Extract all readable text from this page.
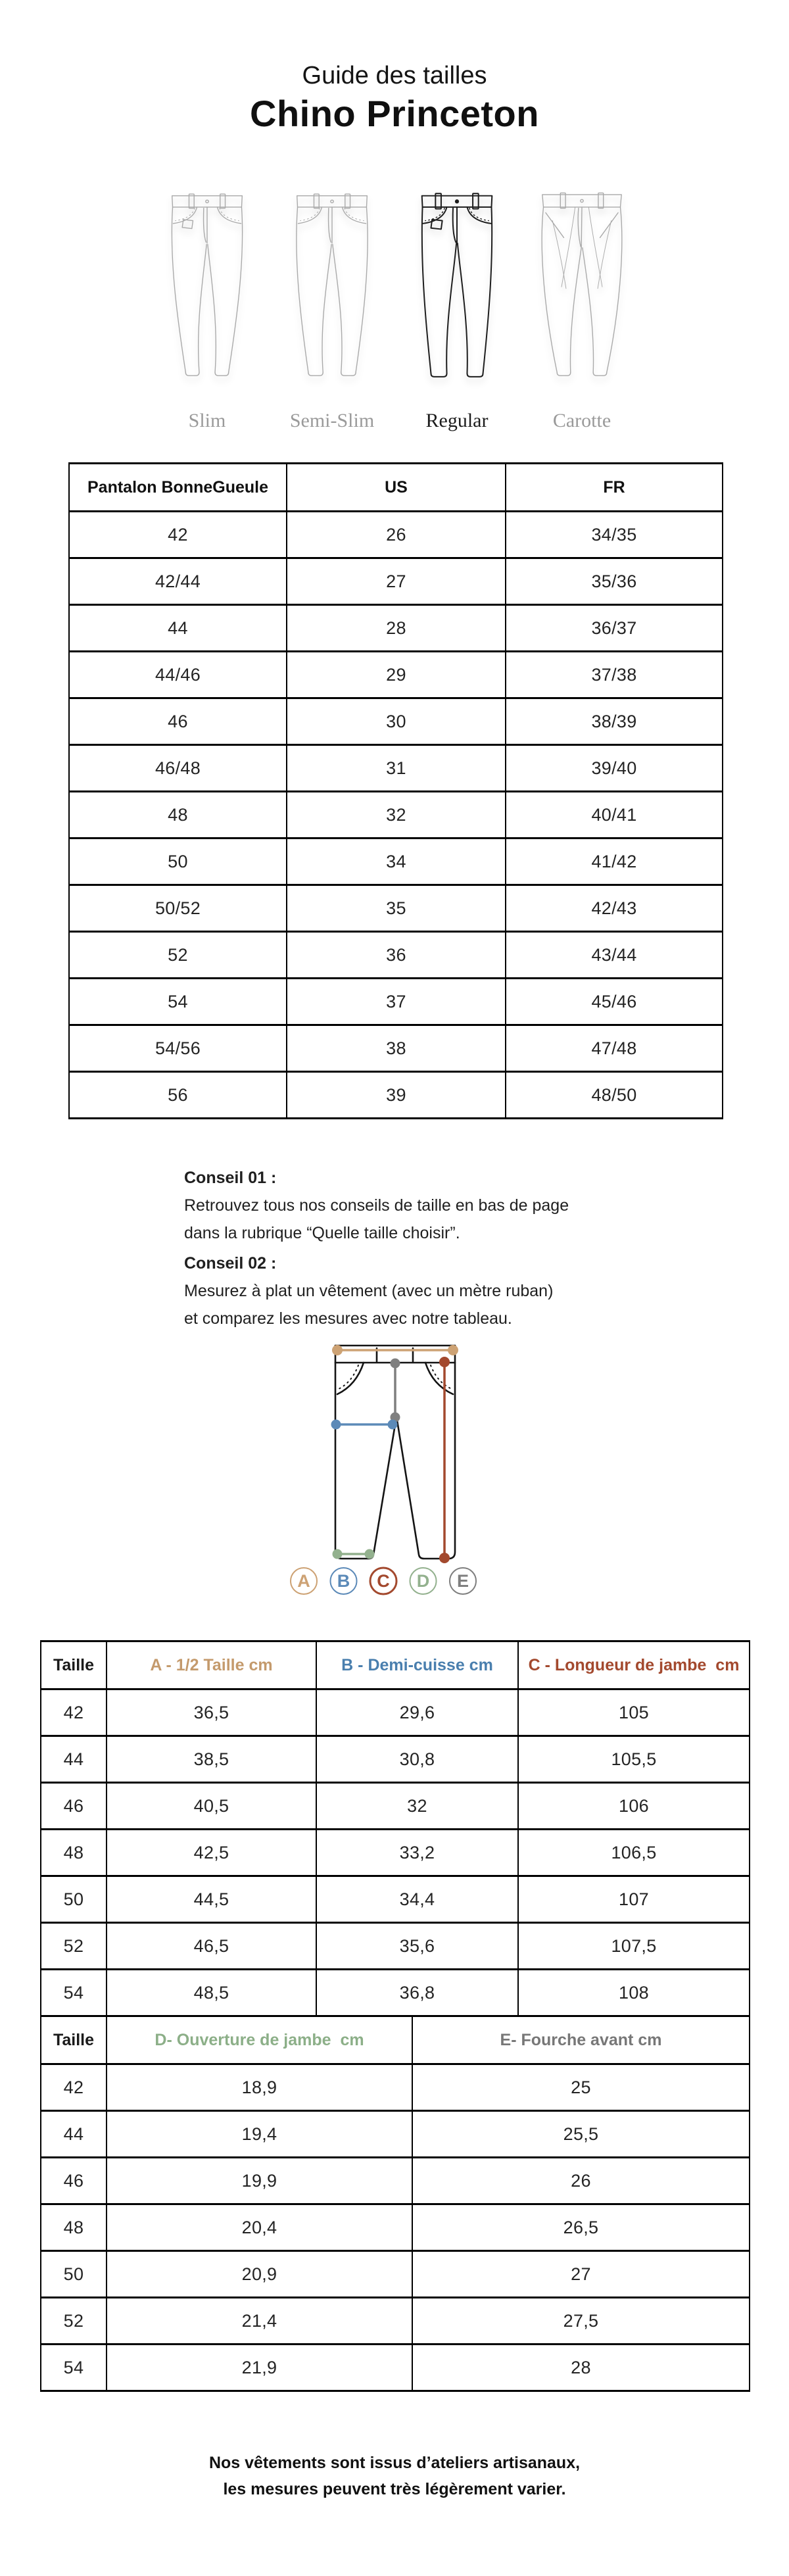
Guide des tailles
Chino Princeton
Slim	Semi-Slim	Regular	Carotte
Pantalon BonneGueule	US	FR
42	26	34/35
42/44	27	35/36
44	28	36/37
44/46	29	37/38
46	30	38/39
46/48	31	39/40
48	32	40/41
50	34	41/42
50/52	35	42/43
52	36	43/44
54	37	45/46
54/56	38	47/48
56	39	48/50

Conseil 01 :

Retrouvez tous nos conseils de taille en bas de page

dans la rubrique “Quelle taille choisir”.

Conseil 02 :

Mesurez à plat un vêtement (avec un mètre ruban)

et comparez les mesures avec notre tableau.

A B C D E
Taille	A - 1/2 Taille cm	B - Demi-cuisse cm	C - Longueur de jambe  cm
42	36,5	29,6	105
44	38,5	30,8	105,5
46	40,5	32	106
48	42,5	33,2	106,5
50	44,5	34,4	107
52	46,5	35,6	107,5
54	48,5	36,8	108
Taille	D- Ouverture de jambe  cm	E- Fourche avant cm
42	18,9	25
44	19,4	25,5
46	19,9	26
48	20,4	26,5
50	20,9	27
52	21,4	27,5
54	21,9	28
Nos vêtements sont issus d’ateliers artisanaux,
les mesures peuvent très légèrement varier.
